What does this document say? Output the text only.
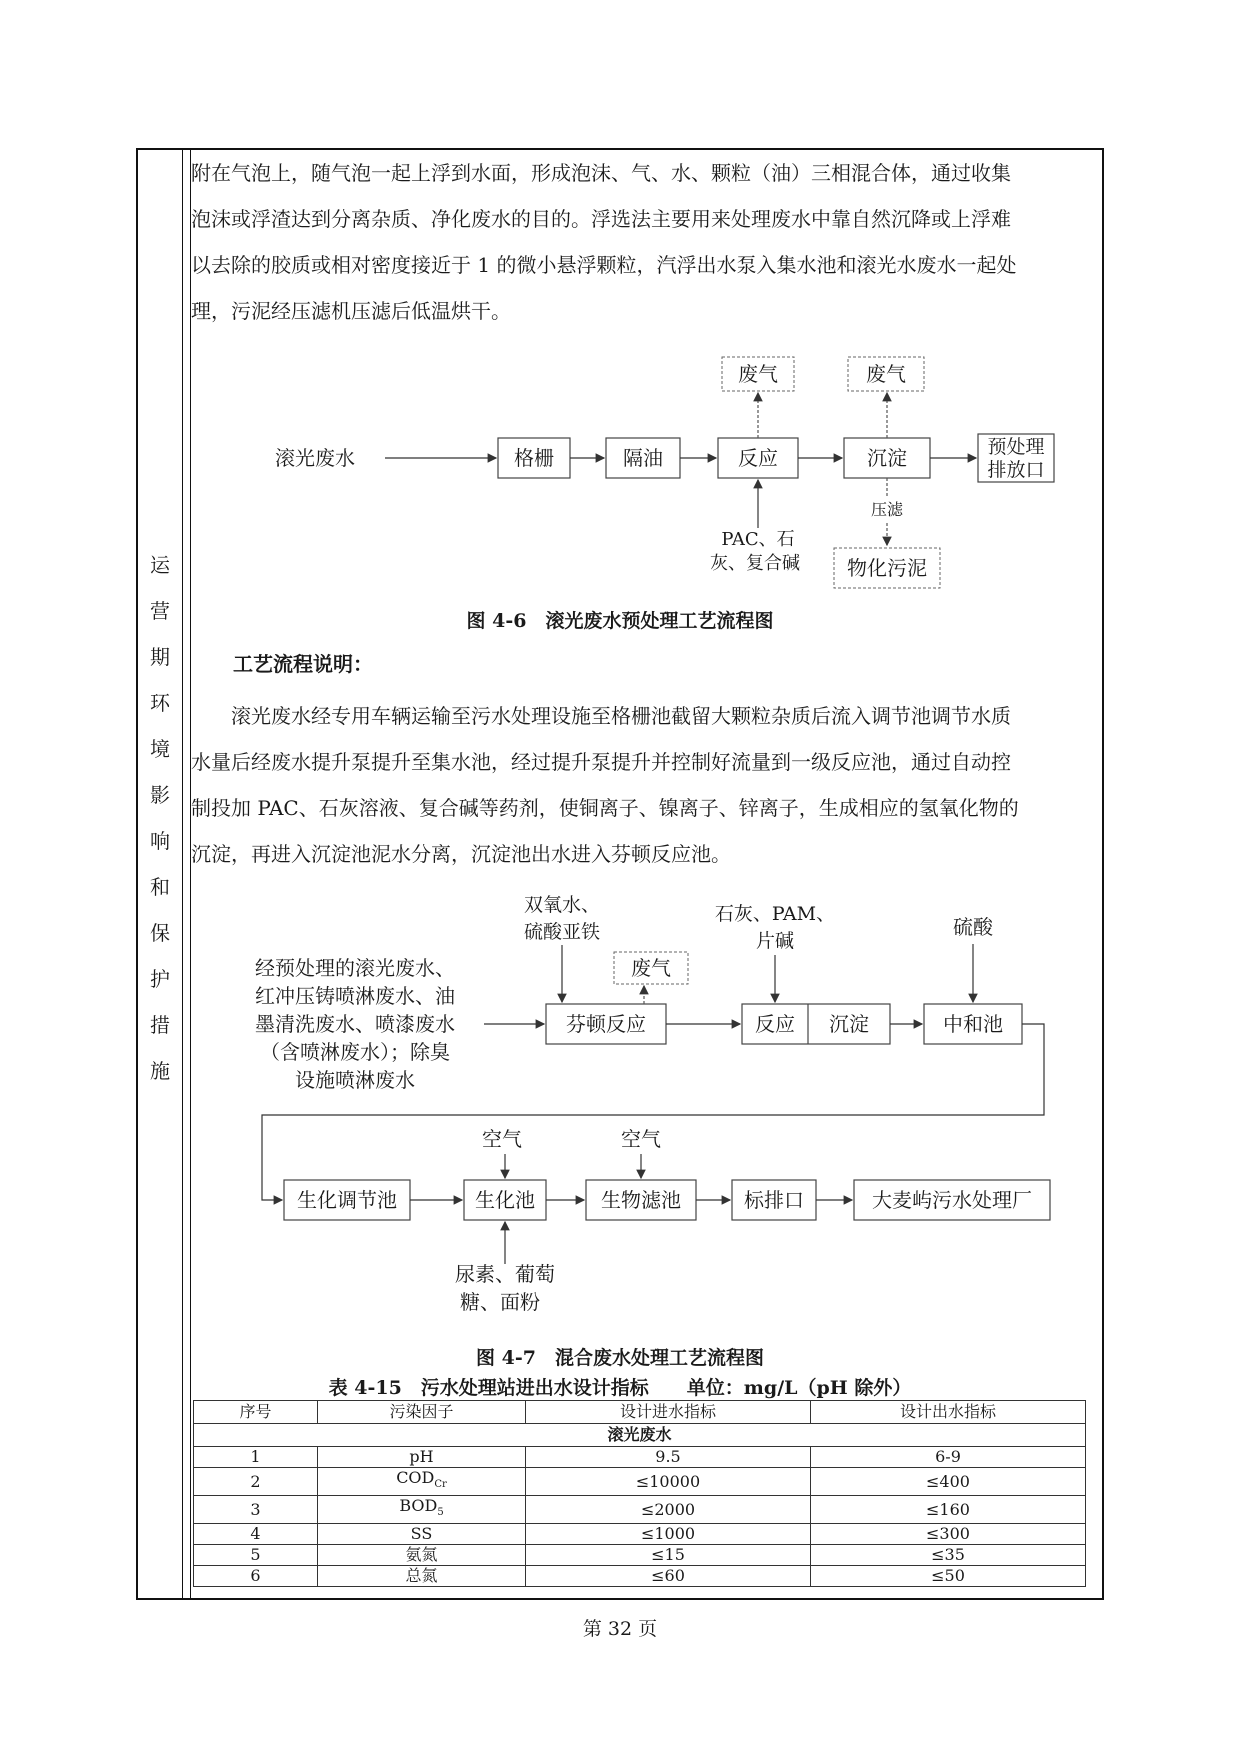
运
营
期
环
境
影
响
和
保
护
措
施

附在气泡上，随气泡一起上浮到水面，形成泡沫、气、水、颗粒（油）三相混合体，通过收集

泡沫或浮渣达到分离杂质、净化废水的目的。浮选法主要用来处理废水中靠自然沉降或上浮难

以去除的胶质或相对密度接近于 1 的微小悬浮颗粒，汽浮出水泵入集水池和滚光水废水一起处

理，污泥经压滤机压滤后低温烘干。

滚光废水	格栅	隔油	反应	沉淀	预处理
排放口
废气	废气
PAC、石
灰、复合碱
压滤
物化污泥
图 4-6　滚光废水预处理工艺流程图
工艺流程说明：

滚光废水经专用车辆运输至污水处理设施至格栅池截留大颗粒杂质后流入调节池调节水质

水量后经废水提升泵提升至集水池，经过提升泵提升并控制好流量到一级反应池，通过自动控

制投加 PAC、石灰溶液、复合碱等药剂，使铜离子、镍离子、锌离子，生成相应的氢氧化物的

沉淀，再进入沉淀池泥水分离，沉淀池出水进入芬顿反应池。

经预处理的滚光废水、
红冲压铸喷淋废水、油
墨清洗废水、喷漆废水
（含喷淋废水）；除臭
设施喷淋废水
双氧水、
硫酸亚铁
芬顿反应
废气
石灰、PAM、
片碱
反应 沉淀
硫酸
中和池
生化调节池	生化池
空气
尿素、葡萄
糖、面粉
生物滤池
空气
标排口	大麦屿污水处理厂
图 4-7　混合废水处理工艺流程图
表 4-15　污水处理站进出水设计指标　　单位：mg/L（pH 除外）
序号	污染因子	设计进水指标	设计出水指标
滚光废水			
1	pH	9.5	6-9
2	$COD_{Cr}$	≤10000	≤400
3	$BOD_5$	≤2000	≤160
4	SS	≤1000	≤300
5	氨氮	≤15	≤35
6	总氮	≤60	≤50
第 32 页
